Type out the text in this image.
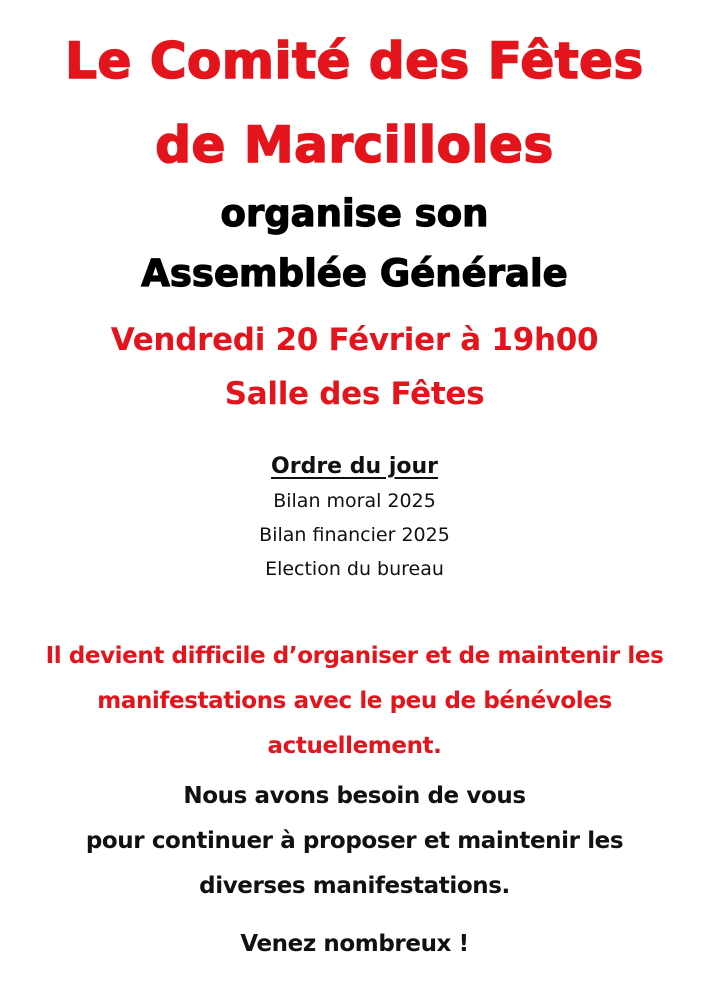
Le Comité des Fêtes
de Marcilloles
organise son
Assemblée Générale
Vendredi 20 Février à 19h00
Salle des Fêtes
Ordre du jour
Bilan moral 2025
Bilan financier 2025
Election du bureau
Il devient difficile d’organiser et de maintenir les
manifestations avec le peu de bénévoles
actuellement.
Nous avons besoin de vous
pour continuer à proposer et maintenir les
diverses manifestations.
Venez nombreux !
